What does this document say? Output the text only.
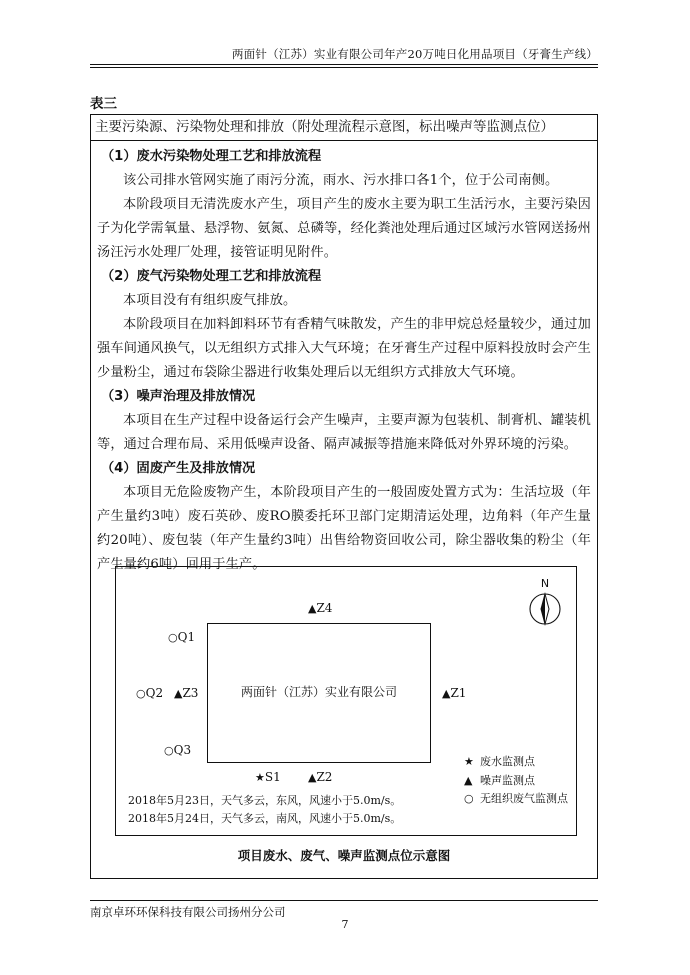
两面针（江苏）实业有限公司年产20万吨日化用品项目（牙膏生产线）
表三
主要污染源、污染物处理和排放（附处理流程示意图，标出噪声等监测点位）

（1）废水污染物处理工艺和排放流程

该公司排水管网实施了雨污分流，雨水、污水排口各1个，位于公司南侧。

本阶段项目无清洗废水产生，项目产生的废水主要为职工生活污水，主要污染因子为化学需氧量、悬浮物、氨氮、总磷等，经化粪池处理后通过区域污水管网送扬州汤汪污水处理厂处理，接管证明见附件。

（2）废气污染物处理工艺和排放流程

本项目没有有组织废气排放。

本阶段项目在加料卸料环节有香精气味散发，产生的非甲烷总烃量较少，通过加强车间通风换气，以无组织方式排入大气环境；在牙膏生产过程中原料投放时会产生少量粉尘，通过布袋除尘器进行收集处理后以无组织方式排放大气环境。

（3）噪声治理及排放情况

本项目在生产过程中设备运行会产生噪声，主要声源为包装机、制膏机、罐装机等，通过合理布局、采用低噪声设备、隔声减振等措施来降低对外界环境的污染。

（4）固废产生及排放情况

本项目无危险废物产生，本阶段项目产生的一般固废处置方式为：生活垃圾（年产生量约3吨）废石英砂、废RO膜委托环卫部门定期清运处理，边角料（年产生量约20吨）、废包装（年产生量约3吨）出售给物资回收公司，除尘器收集的粉尘（年产生量约6吨）回用于生产。

两面针（江苏）实业有限公司
N
▲Z4
○Q1
○Q2 ▲Z3	▲Z1
○Q3
★S1 ▲Z2
★ 废水监测点
▲ 噪声监测点
○ 无组织废气监测点
2018年5月23日，天气多云，东风，风速小于5.0m/s。
2018年5月24日，天气多云，南风，风速小于5.0m/s。
项目废水、废气、噪声监测点位示意图
南京卓环环保科技有限公司扬州分公司
7
